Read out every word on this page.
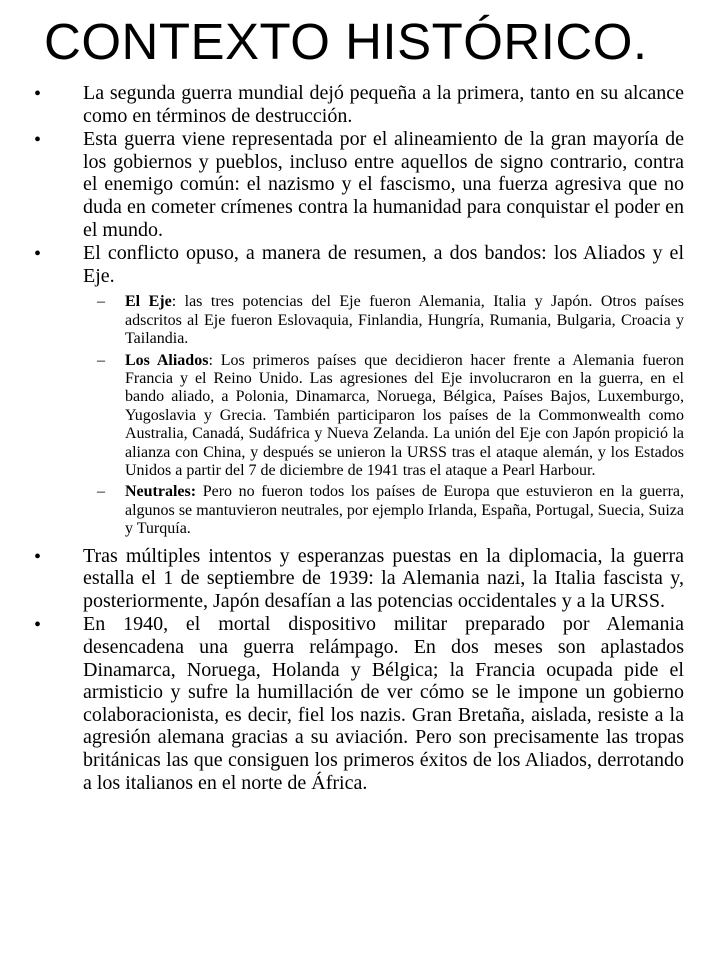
CONTEXTO HISTÓRICO.
• La segunda guerra mundial dejó pequeña a la primera, tanto en su alcance como en términos de destrucción.
• Esta guerra viene representada por el alineamiento de la gran mayoría de los gobiernos y pueblos, incluso entre aquellos de signo contrario, contra el enemigo común: el nazismo y el fascismo, una fuerza agresiva que no duda en cometer crímenes contra la humanidad para conquistar el poder en el mundo.
• El conflicto opuso, a manera de resumen, a dos bandos: los Aliados y el Eje.
– El Eje: las tres potencias del Eje fueron Alemania, Italia y Japón. Otros países adscritos al Eje fueron Eslovaquia, Finlandia, Hungría, Rumania, Bulgaria, Croacia y Tailandia.
– Los Aliados: Los primeros países que decidieron hacer frente a Alemania fueron Francia y el Reino Unido. Las agresiones del Eje involucraron en la guerra, en el bando aliado, a Polonia, Dinamarca, Noruega, Bélgica, Países Bajos, Luxemburgo, Yugoslavia y Grecia. También participaron los países de la Commonwealth como Australia, Canadá, Sudáfrica y Nueva Zelanda. La unión del Eje con Japón propició la alianza con China, y después se unieron la URSS tras el ataque alemán, y los Estados Unidos a partir del 7 de diciembre de 1941 tras el ataque a Pearl Harbour.
– Neutrales: Pero no fueron todos los países de Europa que estuvieron en la guerra, algunos se mantuvieron neutrales, por ejemplo Irlanda, España, Portugal, Suecia, Suiza y Turquía.
• Tras múltiples intentos y esperanzas puestas en la diplomacia, la guerra estalla el 1 de septiembre de 1939: la Alemania nazi, la Italia fascista y, posteriormente, Japón desafían a las potencias occidentales y a la URSS.
• En 1940, el mortal dispositivo militar preparado por Alemania desencadena una guerra relámpago. En dos meses son aplastados Dinamarca, Noruega, Holanda y Bélgica; la Francia ocupada pide el armisticio y sufre la humillación de ver cómo se le impone un gobierno colaboracionista, es decir, fiel los nazis. Gran Bretaña, aislada, resiste a la agresión alemana gracias a su aviación. Pero son precisamente las tropas británicas las que consiguen los primeros éxitos de los Aliados, derrotando a los italianos en el norte de África.
